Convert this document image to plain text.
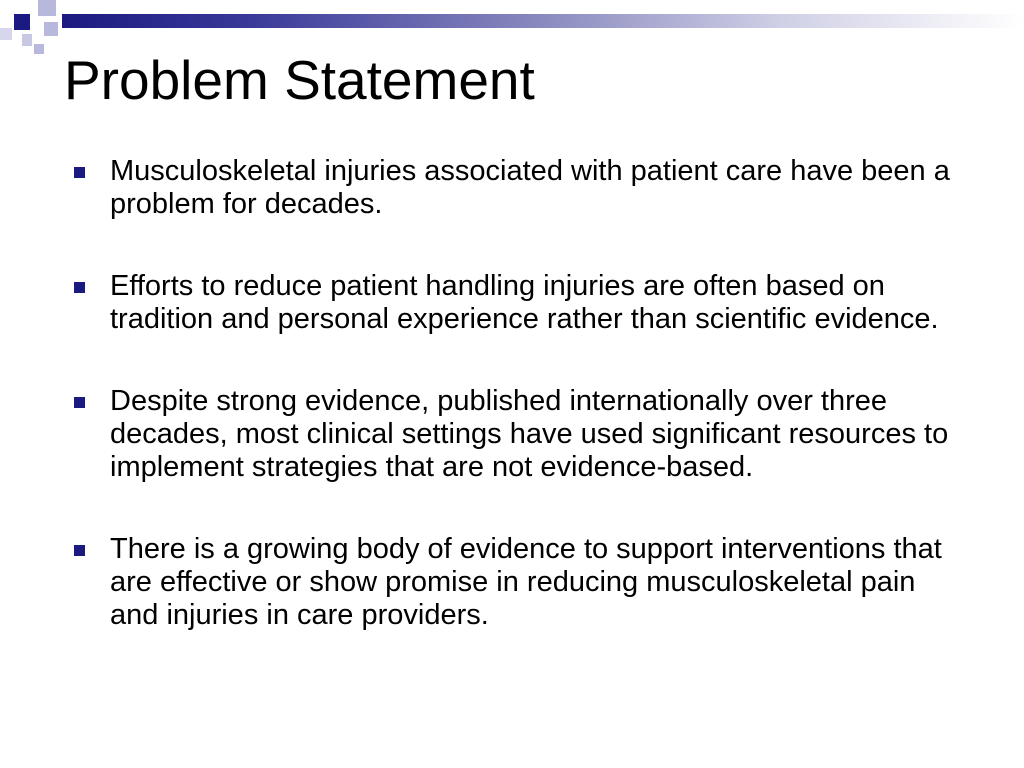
Problem Statement
Musculoskeletal injuries associated with patient care have been a problem for decades.
Efforts to reduce patient handling injuries are often based on tradition and personal experience rather than scientific evidence.
Despite strong evidence, published internationally over three decades, most clinical settings have used significant resources to implement strategies that are not evidence-based.
There is a growing body of evidence to support interventions that are effective or show promise in reducing musculoskeletal pain and injuries in care providers.
